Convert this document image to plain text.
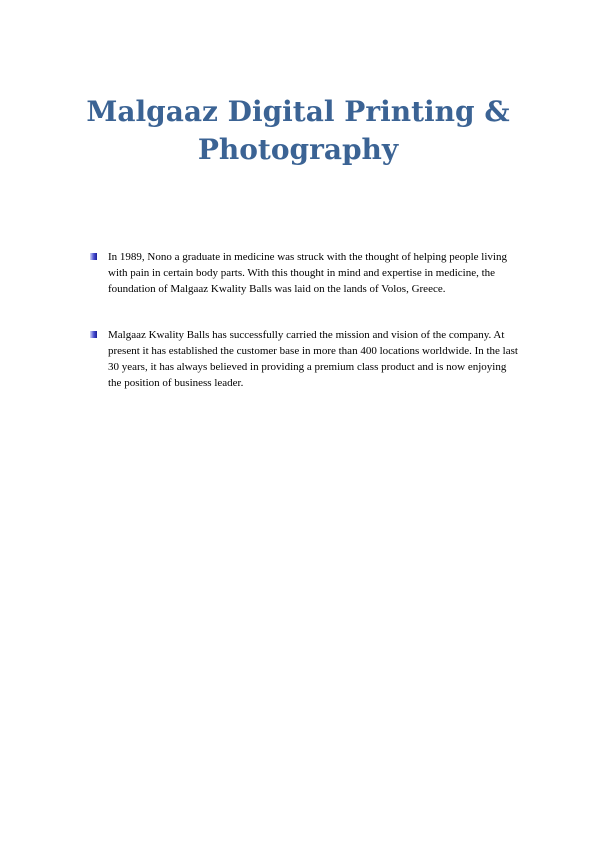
Malgaaz Digital Printing & Photography
In 1989, Nono a graduate in medicine was struck with the thought of helping people living with pain in certain body parts. With this thought in mind and expertise in medicine, the foundation of Malgaaz Kwality Balls was laid on the lands of Volos, Greece.
Malgaaz Kwality Balls has successfully carried the mission and vision of the company. At present it has established the customer base in more than 400 locations worldwide. In the last 30 years, it has always believed in providing a premium class product and is now enjoying the position of business leader.
